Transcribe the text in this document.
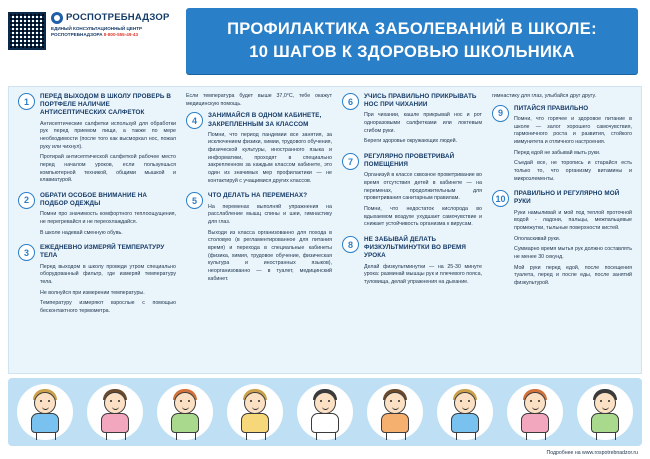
РОСПОТРЕБНАДЗОР
ЕДИНЫЙ КОНСУЛЬТАЦИОННЫЙ ЦЕНТР
РОСПОТРЕБНАДЗОРА 8-800-555-49-43	ПРОФИЛАКТИКА ЗАБОЛЕВАНИЙ В ШКОЛЕ:
10 ШАГОВ К ЗДОРОВЬЮ ШКОЛЬНИКА
1	ПЕРЕД ВЫХОДОМ В ШКОЛУ ПРОВЕРЬ В ПОРТФЕЛЕ НАЛИЧИЕ АНТИСЕПТИЧЕСКИХ САЛФЕТОК
Антисептические салфетки используй для обработки рук перед приемом пищи, а также по мере необходимости (после того как высморкал нос, пожал руку или чихнул).
Протирай антисептической салфеткой рабочее место перед началом уроков, если пользуешься компьютерной техникой, общими мышкой и клавиатурой.
2	ОБРАТИ ОСОБОЕ ВНИМАНИЕ НА ПОДБОР ОДЕЖДЫ
Помни про значимость комфортного теплоощущения, не перегревайся и не переохлаждайся.
В школе надевай сменную обувь.
3	ЕЖЕДНЕВНО ИЗМЕРЯЙ ТЕМПЕРАТУРУ ТЕЛА
Перед выходом в школу проведи утром специально оборудованный фильтр, где измеряй температуру тела.
Не волнуйся при измерении температуры.
Температуру измеряют взрослые с помощью бесконтактного термометра.
Если температура будет выше 37,0°C, тебе окажут медицинскую помощь.
4	ЗАНИМАЙСЯ В ОДНОМ КАБИНЕТЕ, ЗАКРЕПЛЕННЫМ ЗА КЛАССОМ
Помни, что период пандемии все занятия, за исключением физики, химии, трудового обучения, физической культуры, иностранного языка и информатики, проходят в специально закрепленном за каждым классом кабинете, это один из значимых мер профилактики — не контактируй с учащимися других классов.
5	ЧТО ДЕЛАТЬ НА ПЕРЕМЕНАХ?
На переменах выполняй упражнения на расслабление мышц спины и шеи, гимнастику для глаз.
Выходи из класса организованно для похода в столовую (в регламентированное для питания время) и перехода в специальные кабинеты (физика, химия, трудовое обучение, физическая культура и иностранных языков), неорганизованно — в туалет, медицинский кабинет.
6	УЧИСЬ ПРАВИЛЬНО ПРИКРЫВАТЬ НОС ПРИ ЧИХАНИИ
При чихании, кашле прикрывай нос и рот одноразовыми салфетками или локтевым сгибом руки.
Береги здоровье окружающих людей.
7	РЕГУЛЯРНО ПРОВЕТРИВАЙ ПОМЕЩЕНИЯ
Организуй в классе сквозное проветривание во время отсутствия детей в кабинете — на переменах, продолжительным для проветривания санитарным правилам.
Помни, что недостаток кислорода во вдыхаемом воздухе ухудшает самочувствие и снижает устойчивость организма к вирусам.
8	НЕ ЗАБЫВАЙ ДЕЛАТЬ ФИЗКУЛЬТМИНУТКИ ВО ВРЕМЯ УРОКА
Делай физкультминутки — на 25-30 минуте урока: разминай мышцы рук и плечевого пояса, туловища, делай упражнения на дыхание.
гимнастику для глаз, улыбайся друг другу.
9	ПИТАЙСЯ ПРАВИЛЬНО
Помни, что горячее и здоровое питание в школе — залог хорошего самочувствия, гармоничного роста и развития, стойкого иммунитета и отличного настроения.
Перед едой не забывай мыть руки.
Съедай все, не торопись и старайся есть только то, что организму витамины и микроэлементы.
10	ПРАВИЛЬНО И РЕГУЛЯРНО МОЙ РУКИ
Руки намыливай и мой под теплой проточной водой - ладони, пальцы, межпальцевые промежутки, тыльные поверхности кистей.
Ополаскивай руки.
Суммарно время мытья рук должно составлять не менее 30 секунд.
Мой руки перед едой, после посещения туалета, перед и после еды, после занятий физкультурой.
Подробнее на www.rospotrebnadzor.ru
